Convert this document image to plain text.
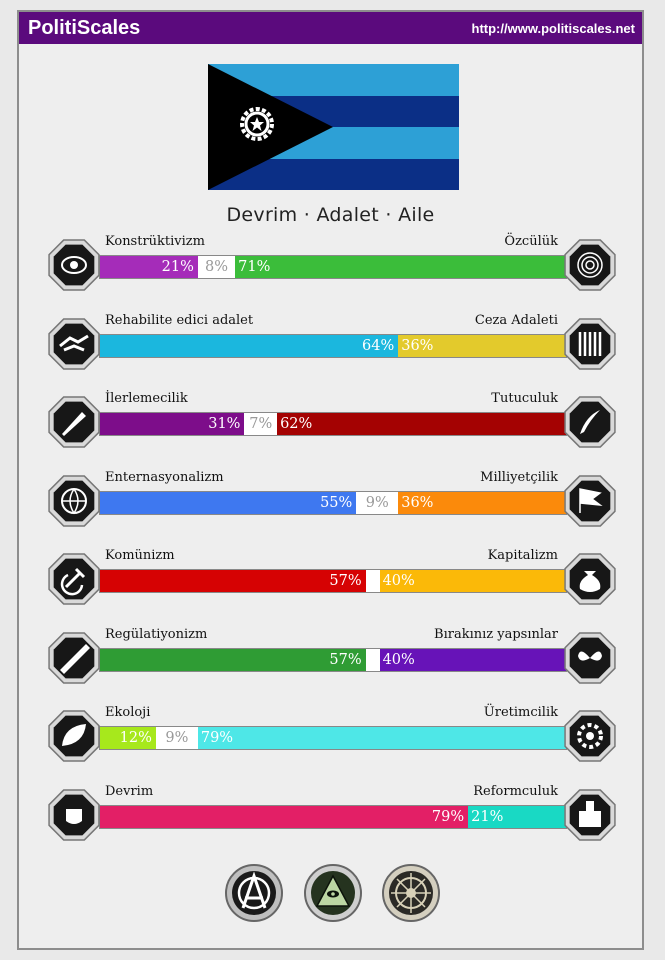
PolitiScales	http://www.politiscales.net
Devrim · Adalet · Aile
Konstrüktivizm	Özcülük
21% 8% 71%
Rehabilite edici adalet	Ceza Adaleti
64% 36%
İlerlemecilik	Tutuculuk
31% 7% 62%
Enternasyonalizm	Milliyetçilik
55% 9% 36%
Komünizm	Kapitalizm
57% 40%
Regülatiyonizm	Bırakınız yapsınlar
57% 40%
Ekoloji	Üretimcilik
12% 9% 79%
Devrim	Reformculuk
79% 21%
